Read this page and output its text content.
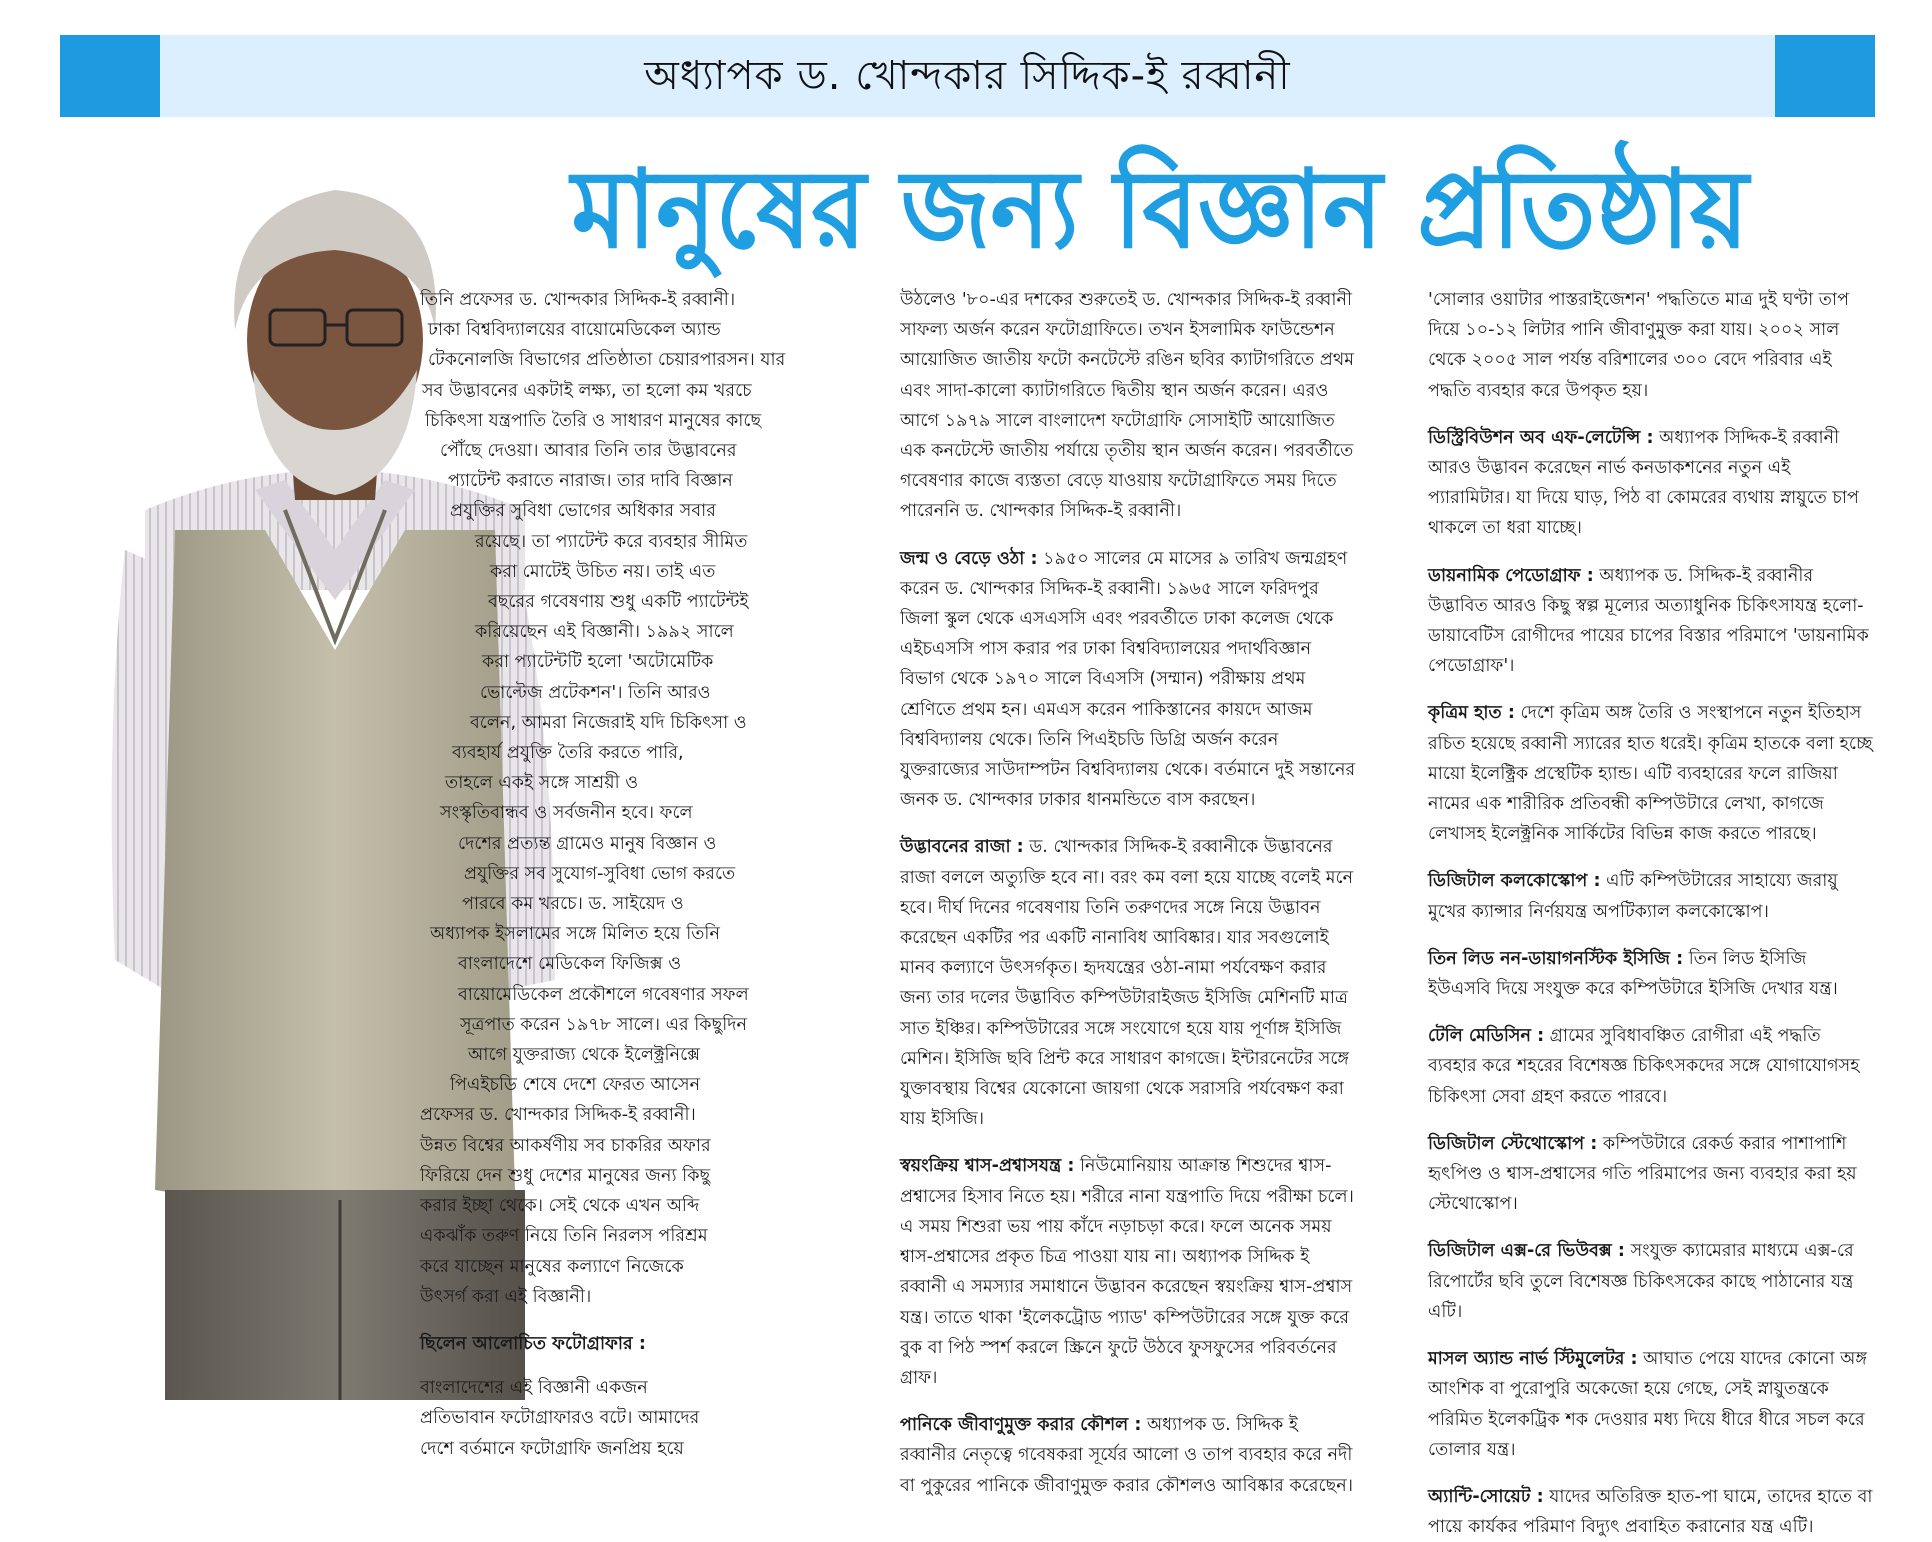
অধ্যাপক ড. খোন্দকার সিদ্দিক-ই রব্বানী
মানুষের জন্য বিজ্ঞান প্রতিষ্ঠায়
তিনি প্রফেসর ড. খোন্দকার সিদ্দিক-ই রব্বানী।
ঢাকা বিশ্ববিদ্যালয়ের বায়োমেডিকেল অ্যান্ড
টেকনোলজি বিভাগের প্রতিষ্ঠাতা চেয়ারপারসন। যার
সব উদ্ভাবনের একটাই লক্ষ্য, তা হলো কম খরচে
চিকিৎসা যন্ত্রপাতি তৈরি ও সাধারণ মানুষের কাছে
পৌঁছে দেওয়া। আবার তিনি তার উদ্ভাবনের
প্যাটেন্ট করাতে নারাজ। তার দাবি বিজ্ঞান
প্রযুক্তির সুবিধা ভোগের অধিকার সবার
রয়েছে। তা প্যাটেন্ট করে ব্যবহার সীমিত
করা মোটেই উচিত নয়। তাই এত
বছরের গবেষণায় শুধু একটি প্যাটেন্টই
করিয়েছেন এই বিজ্ঞানী। ১৯৯২ সালে
করা প্যাটেন্টটি হলো 'অটোমেটিক
ভোল্টেজ প্রটেকশন'। তিনি আরও
বলেন, আমরা নিজেরাই যদি চিকিৎসা ও
ব্যবহার্য প্রযুক্তি তৈরি করতে পারি,
তাহলে একই সঙ্গে সাশ্রয়ী ও
সংস্কৃতিবান্ধব ও সর্বজনীন হবে। ফলে
দেশের প্রত্যন্ত গ্রামেও মানুষ বিজ্ঞান ও
প্রযুক্তির সব সুযোগ-সুবিধা ভোগ করতে
পারবে কম খরচে। ড. সাইয়েদ ও
অধ্যাপক ইসলামের সঙ্গে মিলিত হয়ে তিনি
বাংলাদেশে মেডিকেল ফিজিক্স ও
বায়োমেডিকেল প্রকৌশলে গবেষণার সফল
সূত্রপাত করেন ১৯৭৮ সালে। এর কিছুদিন
আগে যুক্তরাজ্য থেকে ইলেক্ট্রনিক্সে
পিএইচডি শেষে দেশে ফেরত আসেন
প্রফেসর ড. খোন্দকার সিদ্দিক-ই রব্বানী।
উন্নত বিশ্বের আকর্ষণীয় সব চাকরির অফার
ফিরিয়ে দেন শুধু দেশের মানুষের জন্য কিছু
করার ইচ্ছা থেকে। সেই থেকে এখন অব্দি
একঝাঁক তরুণ নিয়ে তিনি নিরলস পরিশ্রম
করে যাচ্ছেন মানুষের কল্যাণে নিজেকে
উৎসর্গ করা এই বিজ্ঞানী।
ছিলেন আলোচিত ফটোগ্রাফার :
বাংলাদেশের এই বিজ্ঞানী একজন
প্রতিভাবান ফটোগ্রাফারও বটে। আমাদের
দেশে বর্তমানে ফটোগ্রাফি জনপ্রিয় হয়ে

উঠলেও '৮০-এর দশকের শুরুতেই ড. খোন্দকার সিদ্দিক-ই রব্বানী সাফল্য অর্জন করেন ফটোগ্রাফিতে। তখন ইসলামিক ফাউন্ডেশন আয়োজিত জাতীয় ফটো কনটেস্টে রঙিন ছবির ক্যাটাগরিতে প্রথম এবং সাদা-কালো ক্যাটাগরিতে দ্বিতীয় স্থান অর্জন করেন। এরও আগে ১৯৭৯ সালে বাংলাদেশ ফটোগ্রাফি সোসাইটি আয়োজিত এক কনটেস্টে জাতীয় পর্যায়ে তৃতীয় স্থান অর্জন করেন। পরবর্তীতে গবেষণার কাজে ব্যস্ততা বেড়ে যাওয়ায় ফটোগ্রাফিতে সময় দিতে পারেননি ড. খোন্দকার সিদ্দিক-ই রব্বানী।

জন্ম ও বেড়ে ওঠা : ১৯৫০ সালের মে মাসের ৯ তারিখ জন্মগ্রহণ করেন ড. খোন্দকার সিদ্দিক-ই রব্বানী। ১৯৬৫ সালে ফরিদপুর জিলা স্কুল থেকে এসএসসি এবং পরবর্তীতে ঢাকা কলেজ থেকে এইচএসসি পাস করার পর ঢাকা বিশ্ববিদ্যালয়ের পদার্থবিজ্ঞান বিভাগ থেকে ১৯৭০ সালে বিএসসি (সম্মান) পরীক্ষায় প্রথম শ্রেণিতে প্রথম হন। এমএস করেন পাকিস্তানের কায়দে আজম বিশ্ববিদ্যালয় থেকে। তিনি পিএইচডি ডিগ্রি অর্জন করেন যুক্তরাজ্যের সাউদাম্পটন বিশ্ববিদ্যালয় থেকে। বর্তমানে দুই সন্তানের জনক ড. খোন্দকার ঢাকার ধানমন্ডিতে বাস করছেন।

উদ্ভাবনের রাজা : ড. খোন্দকার সিদ্দিক-ই রব্বানীকে উদ্ভাবনের রাজা বললে অত্যুক্তি হবে না। বরং কম বলা হয়ে যাচ্ছে বলেই মনে হবে। দীর্ঘ দিনের গবেষণায় তিনি তরুণদের সঙ্গে নিয়ে উদ্ভাবন করেছেন একটির পর একটি নানাবিধ আবিষ্কার। যার সবগুলোই মানব কল্যাণে উৎসর্গকৃত। হৃদযন্ত্রের ওঠা-নামা পর্যবেক্ষণ করার জন্য তার দলের উদ্ভাবিত কম্পিউটারাইজড ইসিজি মেশিনটি মাত্র সাত ইঞ্চির। কম্পিউটারের সঙ্গে সংযোগে হয়ে যায় পূর্ণাঙ্গ ইসিজি মেশিন। ইসিজি ছবি প্রিন্ট করে সাধারণ কাগজে। ইন্টারনেটের সঙ্গে যুক্তাবস্থায় বিশ্বের যেকোনো জায়গা থেকে সরাসরি পর্যবেক্ষণ করা যায় ইসিজি।

স্বয়ংক্রিয় শ্বাস-প্রশ্বাসযন্ত্র : নিউমোনিয়ায় আক্রান্ত শিশুদের শ্বাস-প্রশ্বাসের হিসাব নিতে হয়। শরীরে নানা যন্ত্রপাতি দিয়ে পরীক্ষা চলে। এ সময় শিশুরা ভয় পায় কাঁদে নড়াচড়া করে। ফলে অনেক সময় শ্বাস-প্রশ্বাসের প্রকৃত চিত্র পাওয়া যায় না। অধ্যাপক সিদ্দিক ই রব্বানী এ সমস্যার সমাধানে উদ্ভাবন করেছেন স্বয়ংক্রিয় শ্বাস-প্রশ্বাস যন্ত্র। তাতে থাকা 'ইলেকট্রোড প্যাড' কম্পিউটারের সঙ্গে যুক্ত করে বুক বা পিঠ স্পর্শ করলে স্ক্রিনে ফুটে উঠবে ফুসফুসের পরিবর্তনের গ্রাফ।

পানিকে জীবাণুমুক্ত করার কৌশল : অধ্যাপক ড. সিদ্দিক ই রব্বানীর নেতৃত্বে গবেষকরা সূর্যের আলো ও তাপ ব্যবহার করে নদী বা পুকুরের পানিকে জীবাণুমুক্ত করার কৌশলও আবিষ্কার করেছেন।

'সোলার ওয়াটার পাস্তরাইজেশন' পদ্ধতিতে মাত্র দুই ঘণ্টা তাপ দিয়ে ১০-১২ লিটার পানি জীবাণুমুক্ত করা যায়। ২০০২ সাল থেকে ২০০৫ সাল পর্যন্ত বরিশালের ৩০০ বেদে পরিবার এই পদ্ধতি ব্যবহার করে উপকৃত হয়।

ডিস্ট্রিবিউশন অব এফ-লেটেন্সি : অধ্যাপক সিদ্দিক-ই রব্বানী আরও উদ্ভাবন করেছেন নার্ভ কনডাকশনের নতুন এই প্যারামিটার। যা দিয়ে ঘাড়, পিঠ বা কোমরের ব্যথায় স্নায়ুতে চাপ থাকলে তা ধরা যাচ্ছে।

ডায়নামিক পেডোগ্রাফ : অধ্যাপক ড. সিদ্দিক-ই রব্বানীর উদ্ভাবিত আরও কিছু স্বল্প মূল্যের অত্যাধুনিক চিকিৎসাযন্ত্র হলো-ডায়াবেটিস রোগীদের পায়ের চাপের বিস্তার পরিমাপে 'ডায়নামিক পেডোগ্রাফ'।

কৃত্রিম হাত : দেশে কৃত্রিম অঙ্গ তৈরি ও সংস্থাপনে নতুন ইতিহাস রচিত হয়েছে রব্বানী স্যারের হাত ধরেই। কৃত্রিম হাতকে বলা হচ্ছে মায়ো ইলেক্ট্রিক প্রস্থেটিক হ্যান্ড। এটি ব্যবহারের ফলে রাজিয়া নামের এক শারীরিক প্রতিবন্ধী কম্পিউটারে লেখা, কাগজে লেখাসহ ইলেক্ট্রনিক সার্কিটের বিভিন্ন কাজ করতে পারছে।

ডিজিটাল কলকোস্কোপ : এটি কম্পিউটারের সাহায্যে জরায়ু মুখের ক্যান্সার নির্ণয়যন্ত্র অপটিক্যাল কলকোস্কোপ।

তিন লিড নন-ডায়াগনস্টিক ইসিজি : তিন লিড ইসিজি ইউএসবি দিয়ে সংযুক্ত করে কম্পিউটারে ইসিজি দেখার যন্ত্র।

টেলি মেডিসিন : গ্রামের সুবিধাবঞ্চিত রোগীরা এই পদ্ধতি ব্যবহার করে শহরের বিশেষজ্ঞ চিকিৎসকদের সঙ্গে যোগাযোগসহ চিকিৎসা সেবা গ্রহণ করতে পারবে।

ডিজিটাল স্টেথোস্কোপ : কম্পিউটারে রেকর্ড করার পাশাপাশি হৃৎপিণ্ড ও শ্বাস-প্রশ্বাসের গতি পরিমাপের জন্য ব্যবহার করা হয় স্টেথোস্কোপ।

ডিজিটাল এক্স-রে ভিউবক্স : সংযুক্ত ক্যামেরার মাধ্যমে এক্স-রে রিপোর্টের ছবি তুলে বিশেষজ্ঞ চিকিৎসকের কাছে পাঠানোর যন্ত্র এটি।

মাসল অ্যান্ড নার্ভ স্টিমুলেটর : আঘাত পেয়ে যাদের কোনো অঙ্গ আংশিক বা পুরোপুরি অকেজো হয়ে গেছে, সেই স্নায়ুতন্ত্রকে পরিমিত ইলেকট্রিক শক দেওয়ার মধ্য দিয়ে ধীরে ধীরে সচল করে তোলার যন্ত্র।

অ্যান্টি-সোয়েট : যাদের অতিরিক্ত হাত-পা ঘামে, তাদের হাতে বা পায়ে কার্যকর পরিমাণ বিদ্যুৎ প্রবাহিত করানোর যন্ত্র এটি।
